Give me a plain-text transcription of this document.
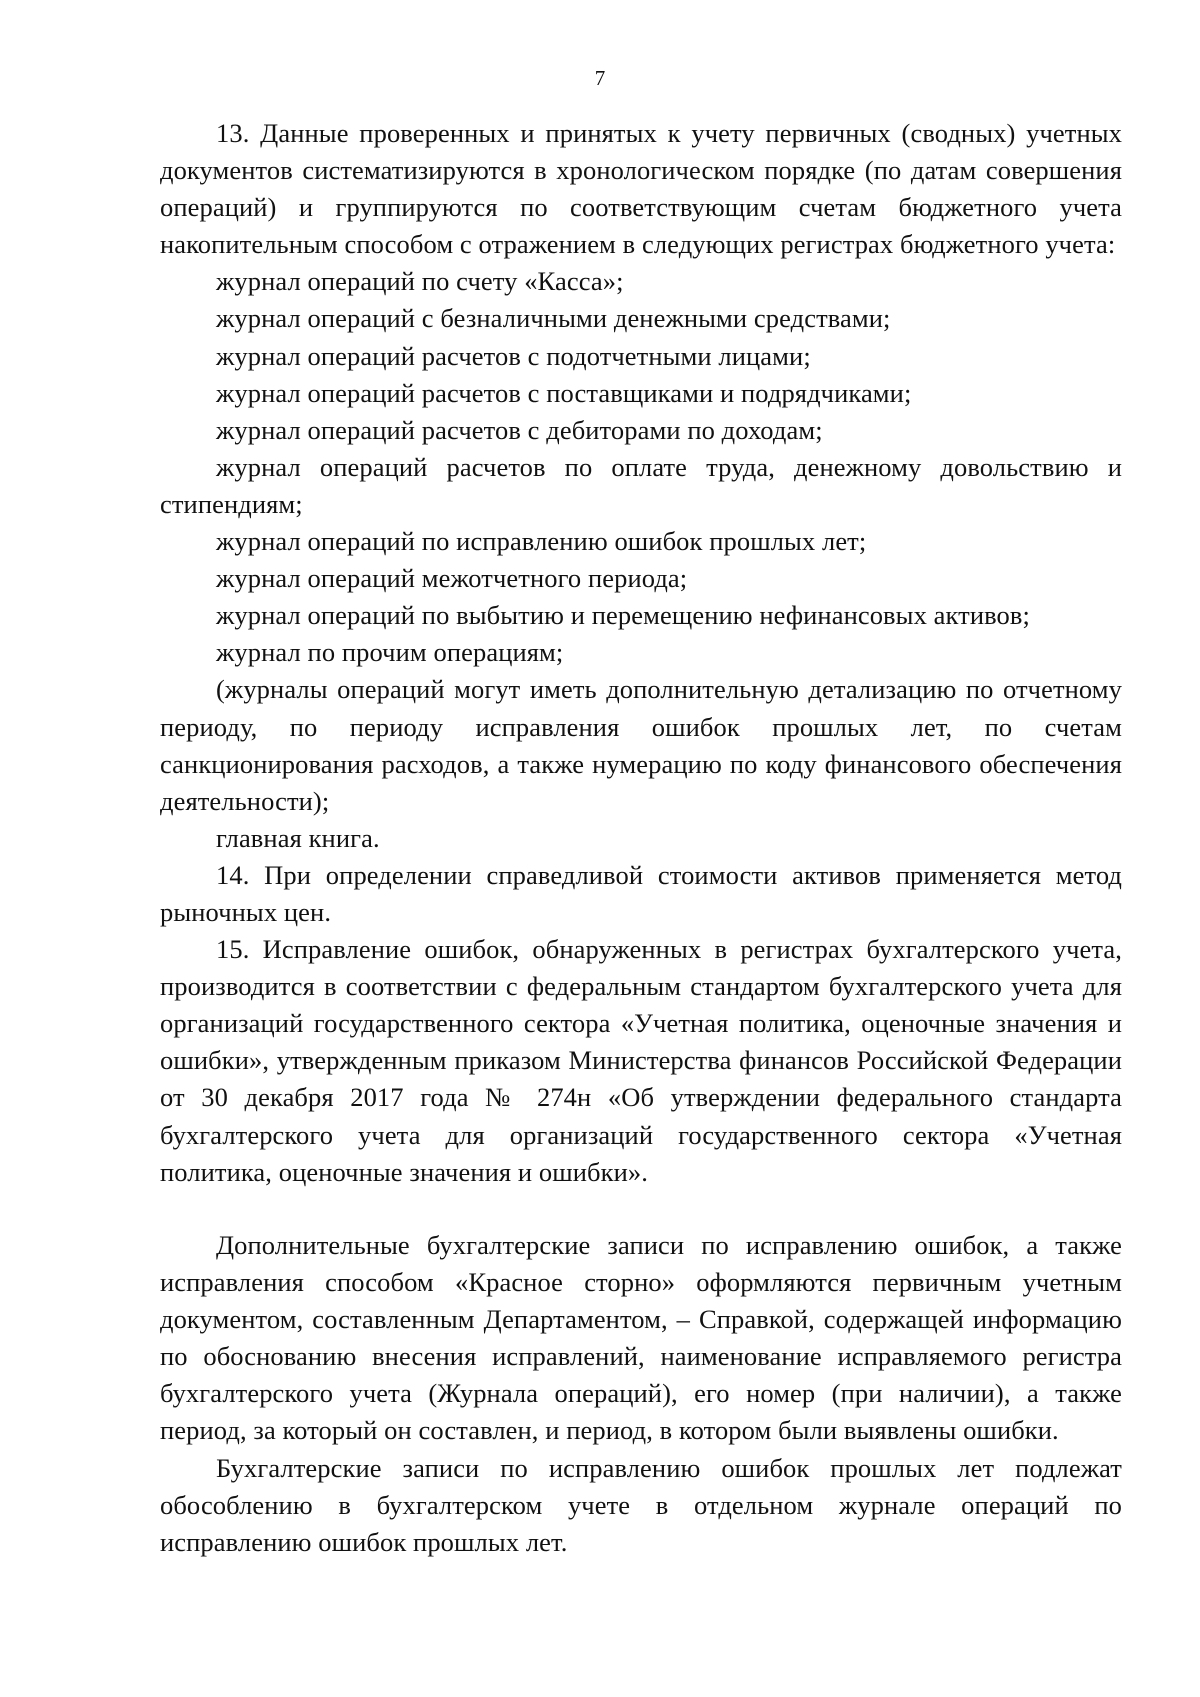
7

13. Данные проверенных и принятых к учету первичных (сводных) учетных документов систематизируются в хронологическом порядке (по датам совершения операций) и группируются по соответствующим счетам бюджетного учета накопительным способом с отражением в следующих регистрах бюджетного учета:

журнал операций по счету «Касса»;

журнал операций с безналичными денежными средствами;

журнал операций расчетов с подотчетными лицами;

журнал операций расчетов с поставщиками и подрядчиками;

журнал операций расчетов с дебиторами по доходам;

журнал операций расчетов по оплате труда, денежному довольствию и стипендиям;

журнал операций по исправлению ошибок прошлых лет;

журнал операций межотчетного периода;

журнал операций по выбытию и перемещению нефинансовых активов;

журнал по прочим операциям;

(журналы операций могут иметь дополнительную детализацию по отчетному периоду, по периоду исправления ошибок прошлых лет, по счетам санкционирования расходов, а также нумерацию по коду финансового обеспечения деятельности);

главная книга.

14. При определении справедливой стоимости активов применяется метод рыночных цен.

15. Исправление ошибок, обнаруженных в регистрах бухгалтерского учета, производится в соответствии с федеральным стандартом бухгалтерского учета для организаций государственного сектора «Учетная политика, оценочные значения и ошибки», утвержденным приказом Министерства финансов Российской Федерации от 30 декабря 2017 года № 274н «Об утверждении федерального стандарта бухгалтерского учета для организаций государственного сектора «Учетная политика, оценочные значения и ошибки».

Дополнительные бухгалтерские записи по исправлению ошибок, а также исправления способом «Красное сторно» оформляются первичным учетным документом, составленным Департаментом, – Справкой, содержащей информацию по обоснованию внесения исправлений, наименование исправляемого регистра бухгалтерского учета (Журнала операций), его номер (при наличии), а также период, за который он составлен, и период, в котором были выявлены ошибки.

Бухгалтерские записи по исправлению ошибок прошлых лет подлежат обособлению в бухгалтерском учете в отдельном журнале операций по исправлению ошибок прошлых лет.
